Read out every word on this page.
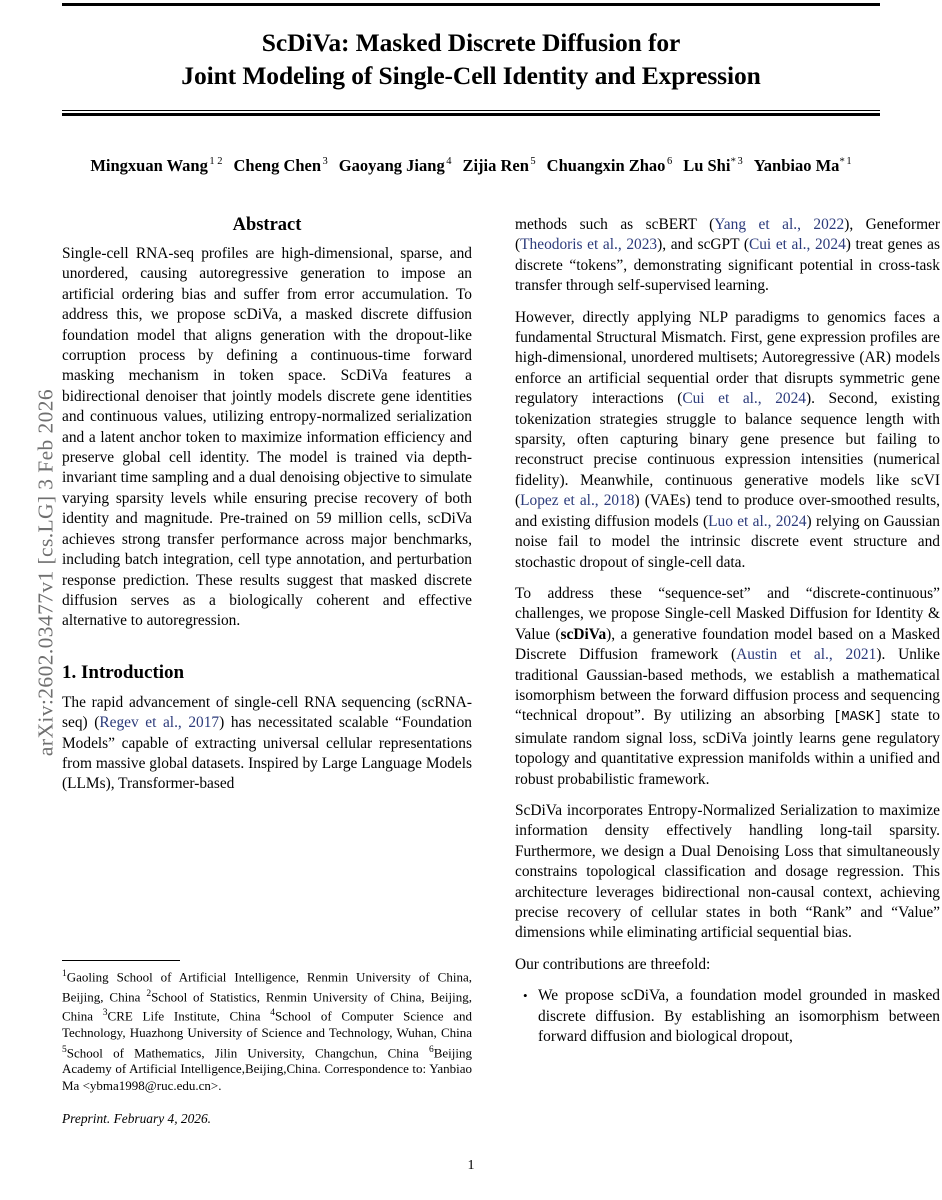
arXiv:2602.03477v1 [cs.LG] 3 Feb 2026
ScDiVa: Masked Discrete Diffusion for
Joint Modeling of Single-Cell Identity and Expression
Mingxuan Wang $^{1 2}$ Cheng Chen $^3$ Gaoyang Jiang $^4$ Zijia Ren $^5$ Chuangxin Zhao $^6$ Lu Shi* $^3$ Yanbiao Ma* $^1$
Abstract

Single-cell RNA-seq profiles are high-dimensional, sparse, and unordered, causing autoregressive generation to impose an artificial ordering bias and suffer from error accumulation. To address this, we propose scDiVa, a masked discrete diffusion foundation model that aligns generation with the dropout-like corruption process by defining a continuous-time forward masking mechanism in token space. ScDiVa features a bidirectional denoiser that jointly models discrete gene identities and continuous values, utilizing entropy-normalized serialization and a latent anchor token to maximize information efficiency and preserve global cell identity. The model is trained via depth-invariant time sampling and a dual denoising objective to simulate varying sparsity levels while ensuring precise recovery of both identity and magnitude. Pre-trained on 59 million cells, scDiVa achieves strong transfer performance across major benchmarks, including batch integration, cell type annotation, and perturbation response prediction. These results suggest that masked discrete diffusion serves as a biologically coherent and effective alternative to autoregression.

1. Introduction

The rapid advancement of single-cell RNA sequencing (scRNA-seq) (Regev et al., 2017) has necessitated scalable “Foundation Models” capable of extracting universal cellular representations from massive global datasets. Inspired by Large Language Models (LLMs), Transformer-based

$^1$Gaoling School of Artificial Intelligence, Renmin University of China, Beijing, China $^2$School of Statistics, Renmin University of China, Beijing, China $^3$CRE Life Institute, China $^4$School of Computer Science and Technology, Huazhong University of Science and Technology, Wuhan, China $^5$School of Mathematics, Jilin University, Changchun, China $^6$Beijing Academy of Artificial Intelligence,Beijing,China. Correspondence to: Yanbiao Ma <ybma1998@ruc.edu.cn>.

Preprint. February 4, 2026.

methods such as scBERT (Yang et al., 2022), Geneformer (Theodoris et al., 2023), and scGPT (Cui et al., 2024) treat genes as discrete “tokens”, demonstrating significant potential in cross-task transfer through self-supervised learning.

However, directly applying NLP paradigms to genomics faces a fundamental Structural Mismatch. First, gene expression profiles are high-dimensional, unordered multisets; Autoregressive (AR) models enforce an artificial sequential order that disrupts symmetric gene regulatory interactions (Cui et al., 2024). Second, existing tokenization strategies struggle to balance sequence length with sparsity, often capturing binary gene presence but failing to reconstruct precise continuous expression intensities (numerical fidelity). Meanwhile, continuous generative models like scVI (Lopez et al., 2018) (VAEs) tend to produce over-smoothed results, and existing diffusion models (Luo et al., 2024) relying on Gaussian noise fail to model the intrinsic discrete event structure and stochastic dropout of single-cell data.

To address these “sequence-set” and “discrete-continuous” challenges, we propose Single-cell Masked Diffusion for Identity & Value (scDiVa), a generative foundation model based on a Masked Discrete Diffusion framework (Austin et al., 2021). Unlike traditional Gaussian-based methods, we establish a mathematical isomorphism between the forward diffusion process and sequencing “technical dropout”. By utilizing an absorbing [MASK] state to simulate random signal loss, scDiVa jointly learns gene regulatory topology and quantitative expression manifolds within a unified and robust probabilistic framework.

ScDiVa incorporates Entropy-Normalized Serialization to maximize information density effectively handling long-tail sparsity. Furthermore, we design a Dual Denoising Loss that simultaneously constrains topological classification and dosage regression. This architecture leverages bidirectional non-causal context, achieving precise recovery of cellular states in both “Rank” and “Value” dimensions while eliminating artificial sequential bias.

Our contributions are threefold:

• We propose scDiVa, a foundation model grounded in masked discrete diffusion. By establishing an isomorphism between forward diffusion and biological dropout,
1
